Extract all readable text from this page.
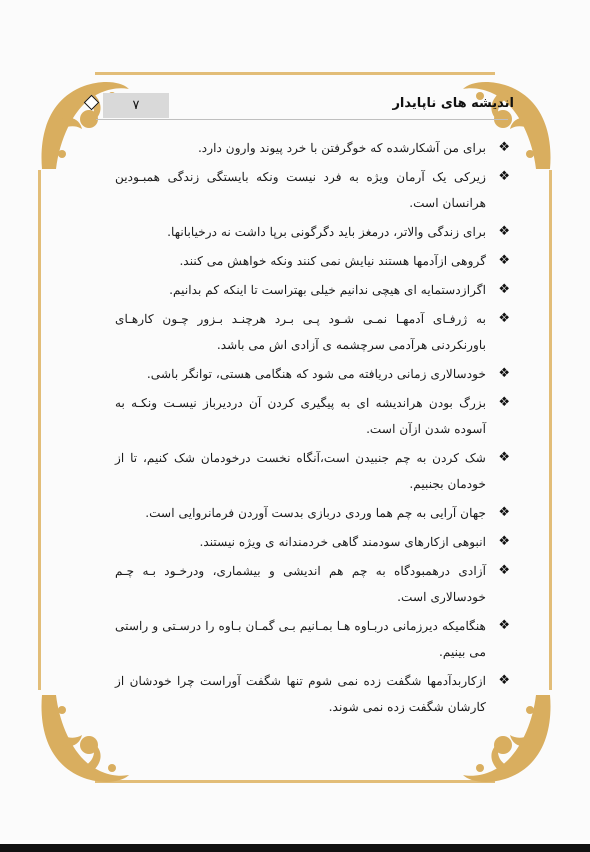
۷	اندیشه های ناپایدار
❖
برای من آشکارشده که خوگرفتن با خرد پیوند وارون دارد.
❖
زیرکی یک آرمان ویژه به فرد نیست ونکه بایستگی زندگی همبـودین هرانسان است.
❖
برای زندگی والاتر، درمغز باید دگرگونی برپا داشت نه درخیابانها.
❖
گروهی ازآدمها هستند نیایش نمی کنند ونکه خواهش می کنند.
❖
اگرازدستمایه ای هیچی ندانیم خیلی بهتراست تا اینکه کم بدانیم.
❖
به ژرفـای آدمهـا نمـی شـود پـی بـرد هرچنـد بـزور چـون کارهـای باورنکردنی هرآدمی سرچشمه ی آزادی اش می باشد.
❖
خودسالاری زمانی دریافته می شود که هنگامی هستی، توانگر باشی.
❖
بزرگ بودن هراندیشه ای به پیگیری کردن آن دردیرباز نیسـت ونکـه به آسوده شدن ازآن است.
❖
شک کردن به چم جنبیدن است،آنگاه نخست درخودمان شک کنیم، تا از خودمان بجنبیم.
❖
جهان آرایی به چم هما وردی دربازی بدست آوردن فرمانروایی است.
❖
انبوهی ازکارهای سودمند گاهی خردمندانه ی ویژه نیستند.
❖
آزادی درهمبودگاه به چم هم اندیشی و بیشماری، ودرخـود بـه چـم خودسالاری است.
❖
هنگامیکه دیرزمانی دربـاوه هـا بمـانیم بـی گمـان بـاوه را درسـتی و راستی می بینیم.
❖
ازکاربدآدمها شگفت زده نمی شوم تنها شگفت آوراست چرا خودشان از کارشان شگفت زده نمی شوند.
